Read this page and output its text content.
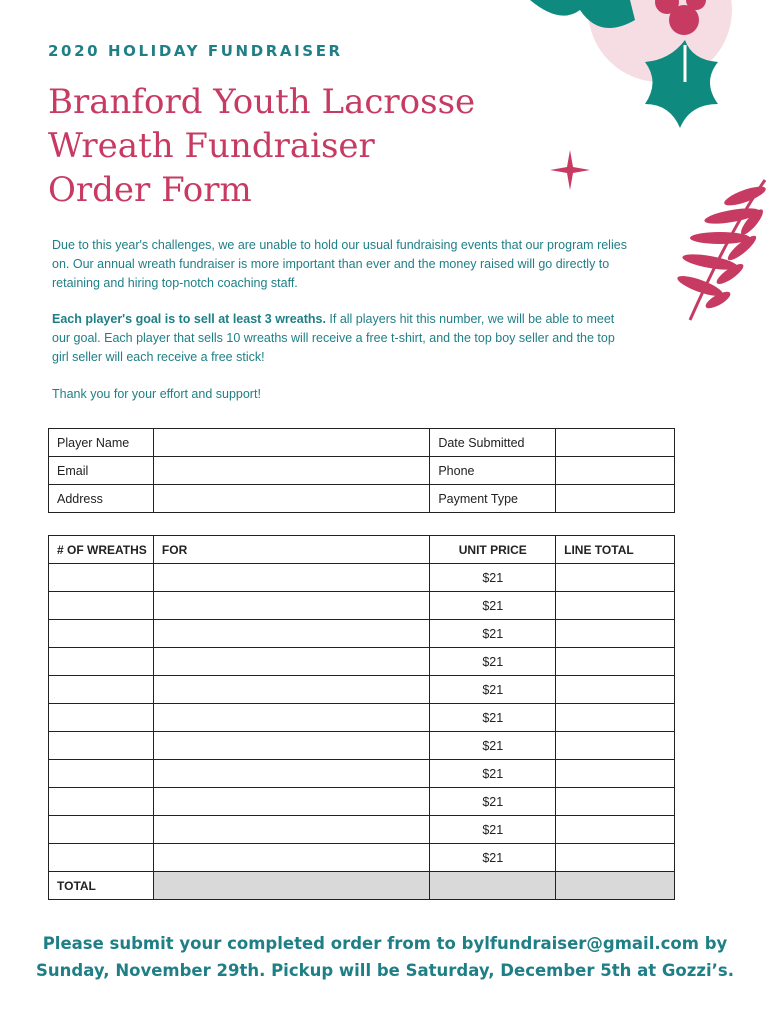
2020 HOLIDAY FUNDRAISER
Branford Youth Lacrosse
Wreath Fundraiser
Order Form

Due to this year's challenges, we are unable to hold our usual fundraising events that our program relies on. Our annual wreath fundraiser is more important than ever and the money raised will go directly to retaining and hiring top-notch coaching staff.

Each player's goal is to sell at least 3 wreaths. If all players hit this number, we will be able to meet our goal. Each player that sells 10 wreaths will receive a free t-shirt, and the top boy seller and the top girl seller will each receive a free stick!

Thank you for your effort and support!

Player Name		Date Submitted	
Email		Phone	
Address		Payment Type	
# OF WREATHS	FOR	UNIT PRICE	LINE TOTAL
		$21	
		$21	
		$21	
		$21	
		$21	
		$21	
		$21	
		$21	
		$21	
		$21	
		$21	
TOTAL			
Please submit your completed order from to bylfundraiser@gmail.com by
Sunday, November 29th. Pickup will be Saturday, December 5th at Gozzi’s.
